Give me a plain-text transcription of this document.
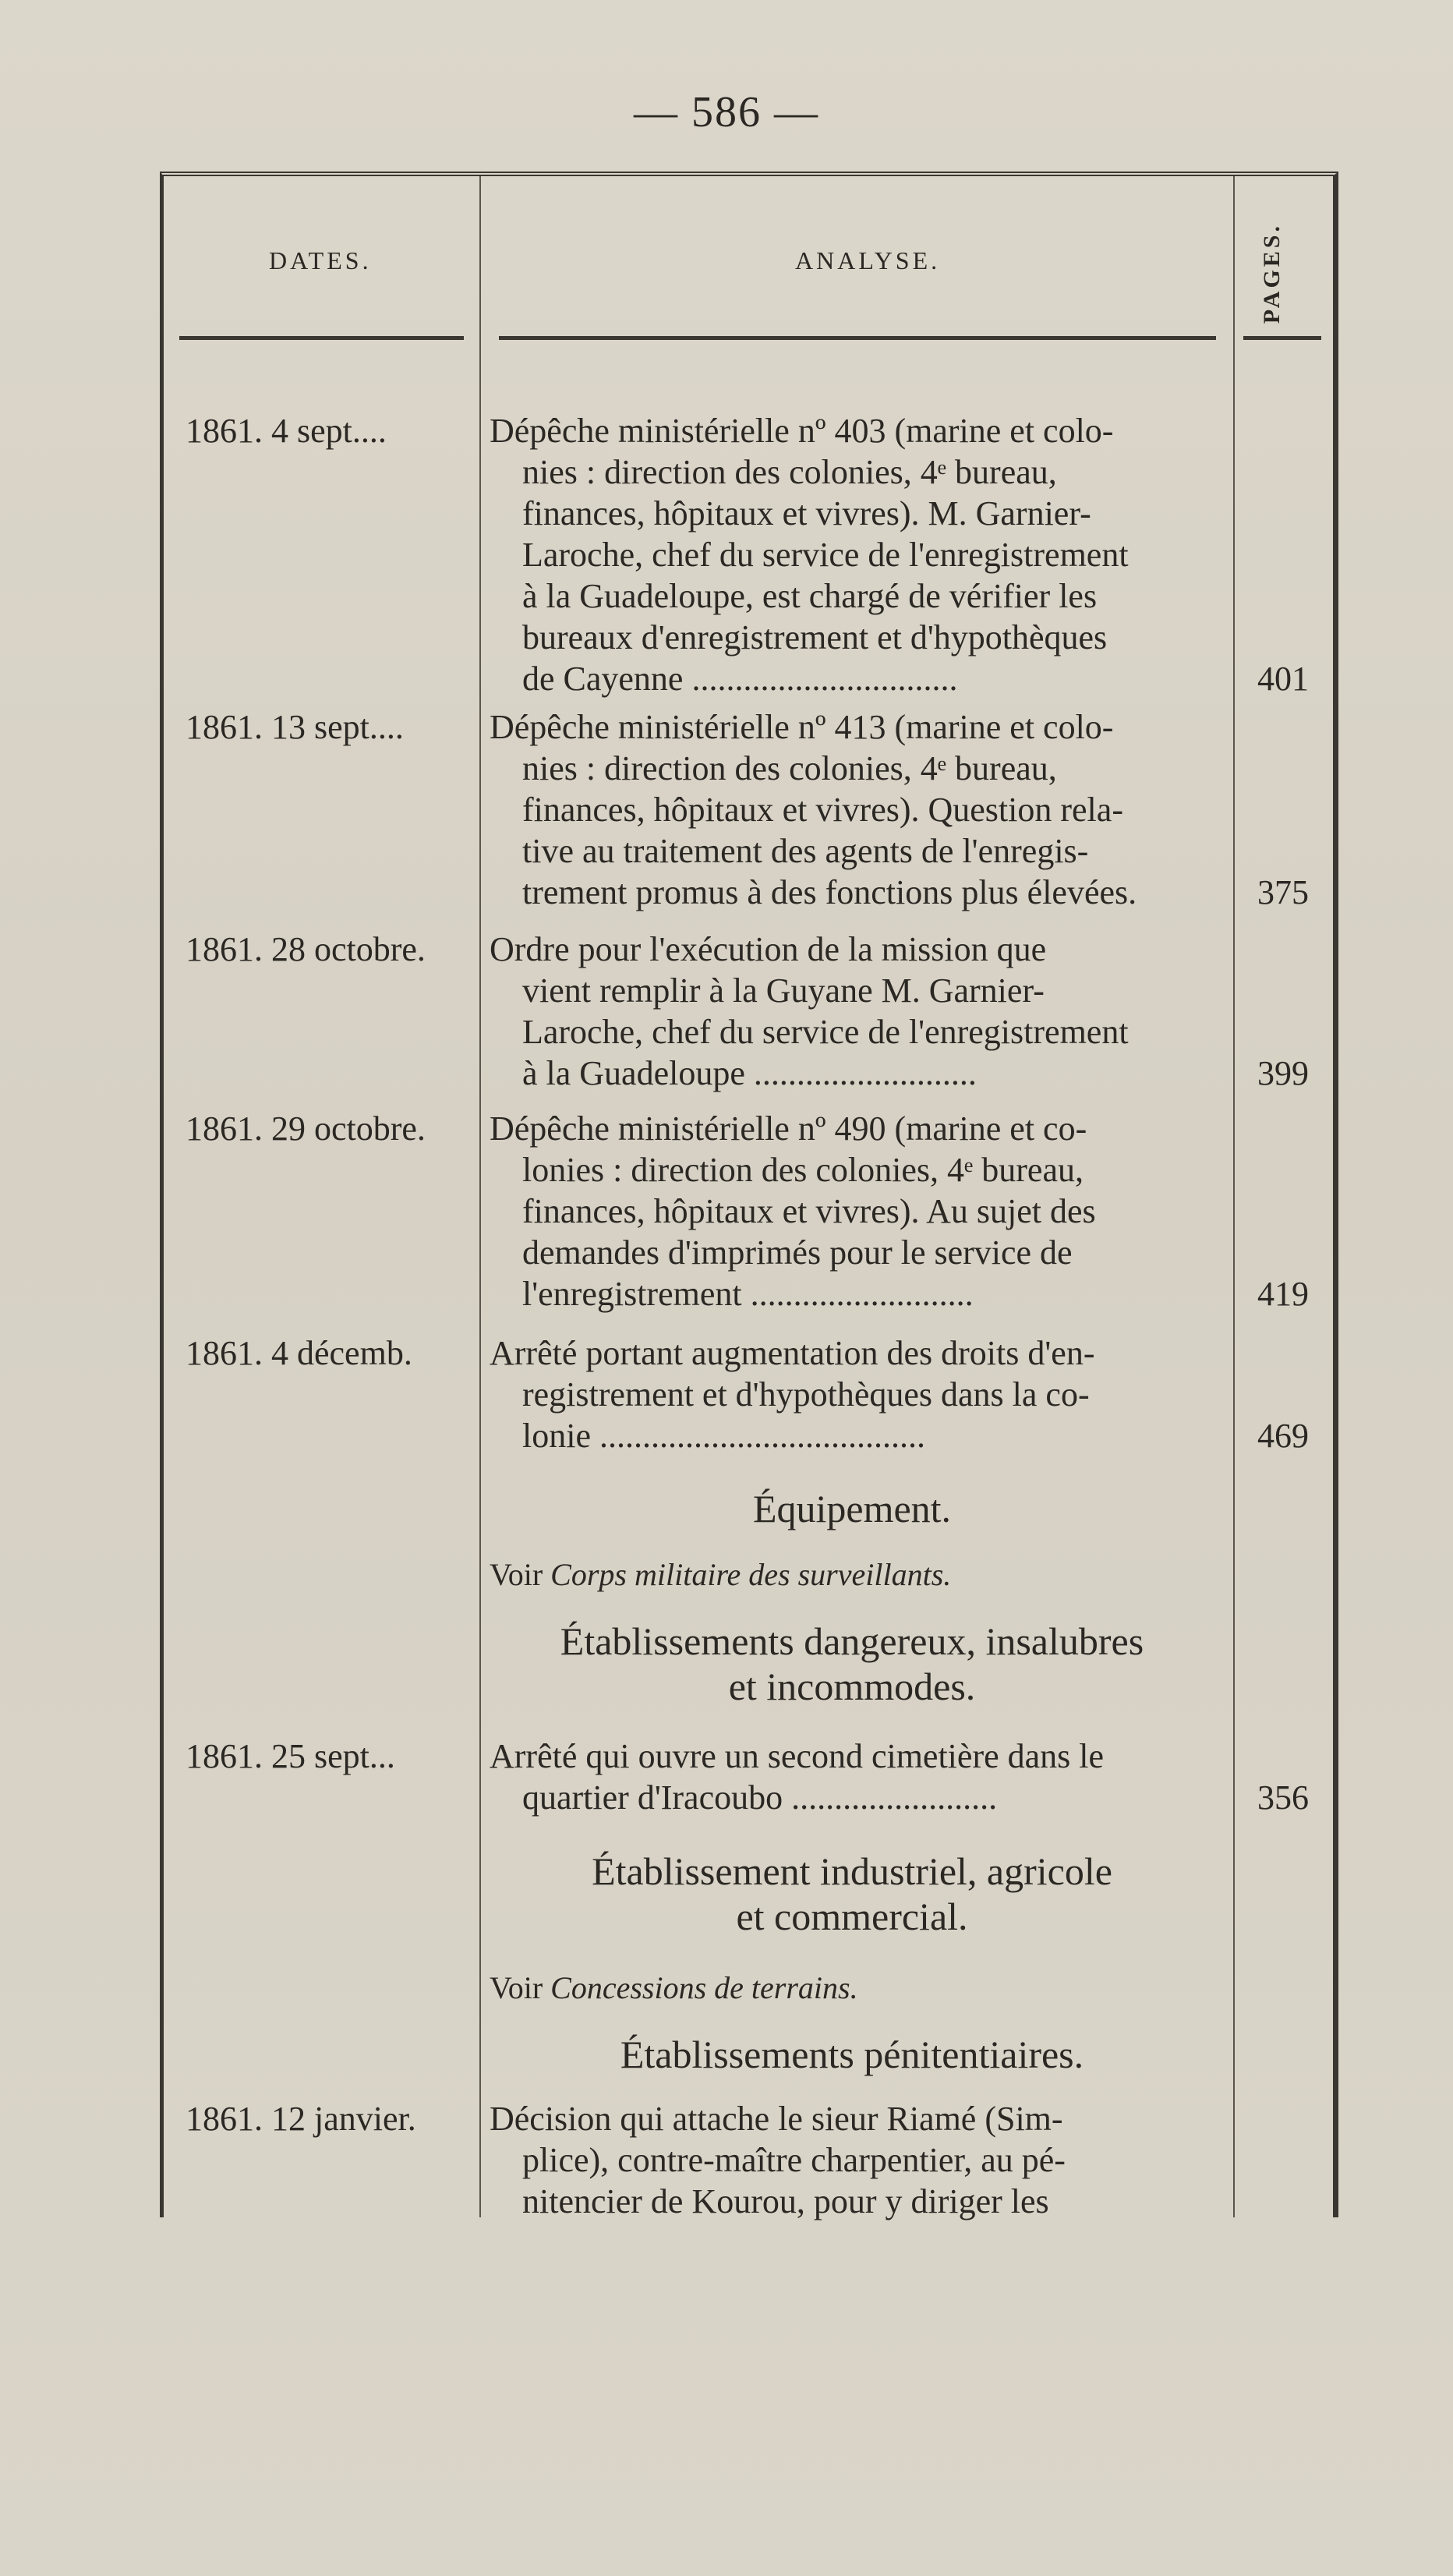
— 586 —
DATES.	ANALYSE.	PAGES.
1861. 4 sept....	Dépêche ministérielle nº 403 (marine et colo-
nies : direction des colonies, 4ᵉ bureau,
finances, hôpitaux et vivres). M. Garnier-
Laroche, chef du service de l'enregistrement
à la Guadeloupe, est chargé de vérifier les
bureaux d'enregistrement et d'hypothèques
de Cayenne ...............................	401
1861. 13 sept....	Dépêche ministérielle nº 413 (marine et colo-
nies : direction des colonies, 4ᵉ bureau,
finances, hôpitaux et vivres). Question rela-
tive au traitement des agents de l'enregis-
trement promus à des fonctions plus élevées.	375
1861. 28 octobre.	Ordre pour l'exécution de la mission que
vient remplir à la Guyane M. Garnier-
Laroche, chef du service de l'enregistrement
à la Guadeloupe ..........................	399
1861. 29 octobre.	Dépêche ministérielle nº 490 (marine et co-
lonies : direction des colonies, 4ᵉ bureau,
finances, hôpitaux et vivres). Au sujet des
demandes d'imprimés pour le service de
l'enregistrement ..........................	419
1861. 4 décemb.	Arrêté portant augmentation des droits d'en-
registrement et d'hypothèques dans la co-
lonie ......................................	469
Équipement.
Voir Corps militaire des surveillants.
Établissements dangereux, insalubres
et incommodes.
1861. 25 sept...	Arrêté qui ouvre un second cimetière dans le
quartier d'Iracoubo ........................	356
Établissement industriel, agricole
et commercial.
Voir Concessions de terrains.
Établissements pénitentiaires.
1861. 12 janvier.	Décision qui attache le sieur Riamé (Sim-
plice), contre-maître charpentier, au pé-
nitencier de Kourou, pour y diriger les
